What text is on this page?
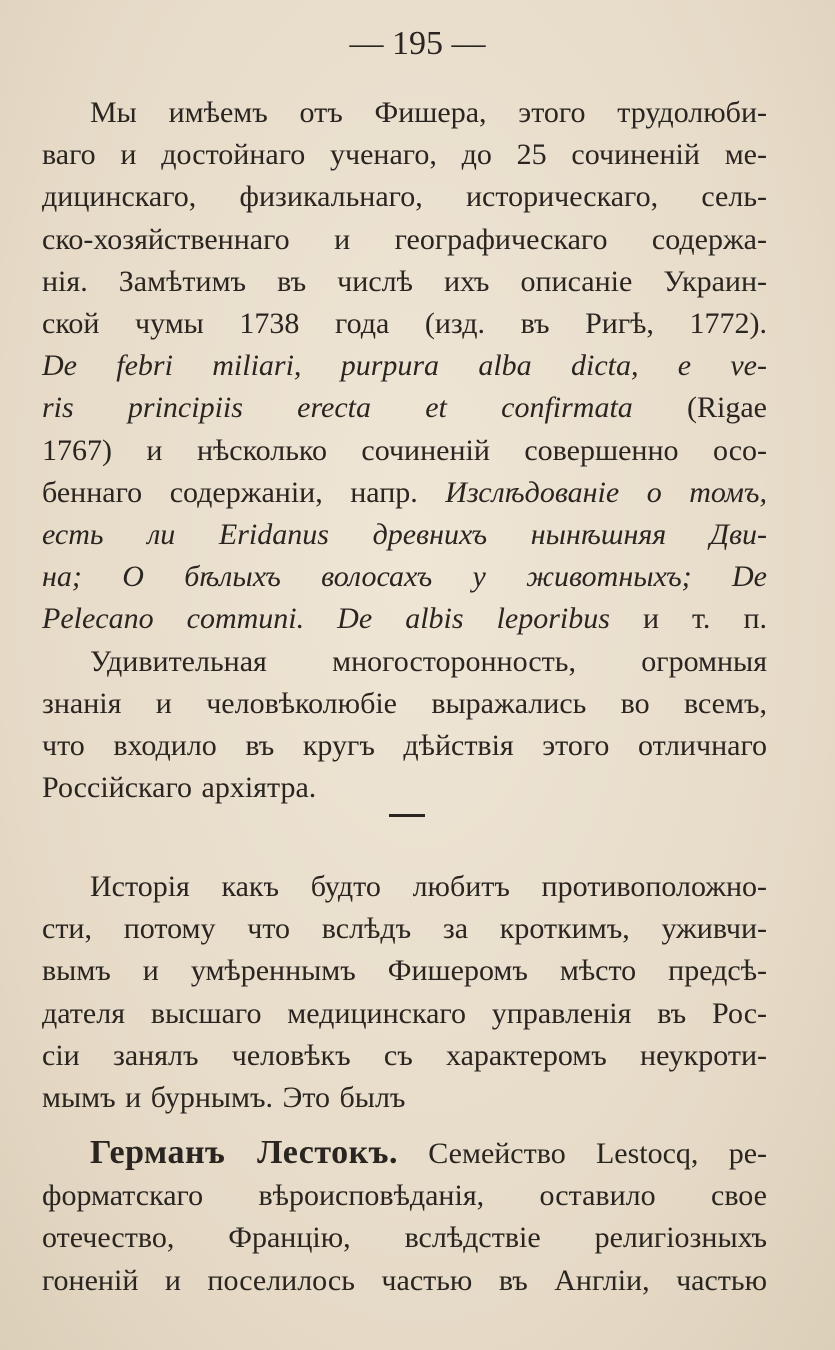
— 195 —
Мы имѣемъ отъ Фишера, этого трудолюби-
ваго и достойнаго ученаго, до 25 сочиненій ме-
дицинскаго, физикальнаго, историческаго, сель-
ско-хозяйственнаго и географическаго содержа-
нія. Замѣтимъ въ числѣ ихъ описаніе Украин-
ской чумы 1738 года (изд. въ Ригѣ, 1772).
De febri miliari, purpura alba dicta, e ve-
ris principiis erecta et confirmata (Rigae
1767) и нѣсколько сочиненій совершенно осо-
беннаго содержаніи, напр. Изслѣдованіе о томъ,
есть ли Eridanus древнихъ нынѣшняя Дви-
на; О бѣлыхъ волосахъ у животныхъ; De
Pelecano communi. De albis leporibus и т. п.
Удивительная многосторонность, огромныя
знанія и человѣколюбіе выражались во всемъ,
что входило въ кругъ дѣйствія этого отличнаго
Россійскаго архіятра.
Исторія какъ будто любитъ противоположно-
сти, потому что вслѣдъ за кроткимъ, уживчи-
вымъ и умѣреннымъ Фишеромъ мѣсто предсѣ-
дателя высшаго медицинскаго управленія въ Рос-
сіи занялъ человѣкъ съ характеромъ неукроти-
мымъ и бурнымъ. Это былъ
Германъ Лестокъ. Семейство Lestocq, ре-
форматскаго вѣроисповѣданія, оставило свое
отечество, Францію, вслѣдствіе религіозныхъ
гоненій и поселилось частью въ Англіи, частью
